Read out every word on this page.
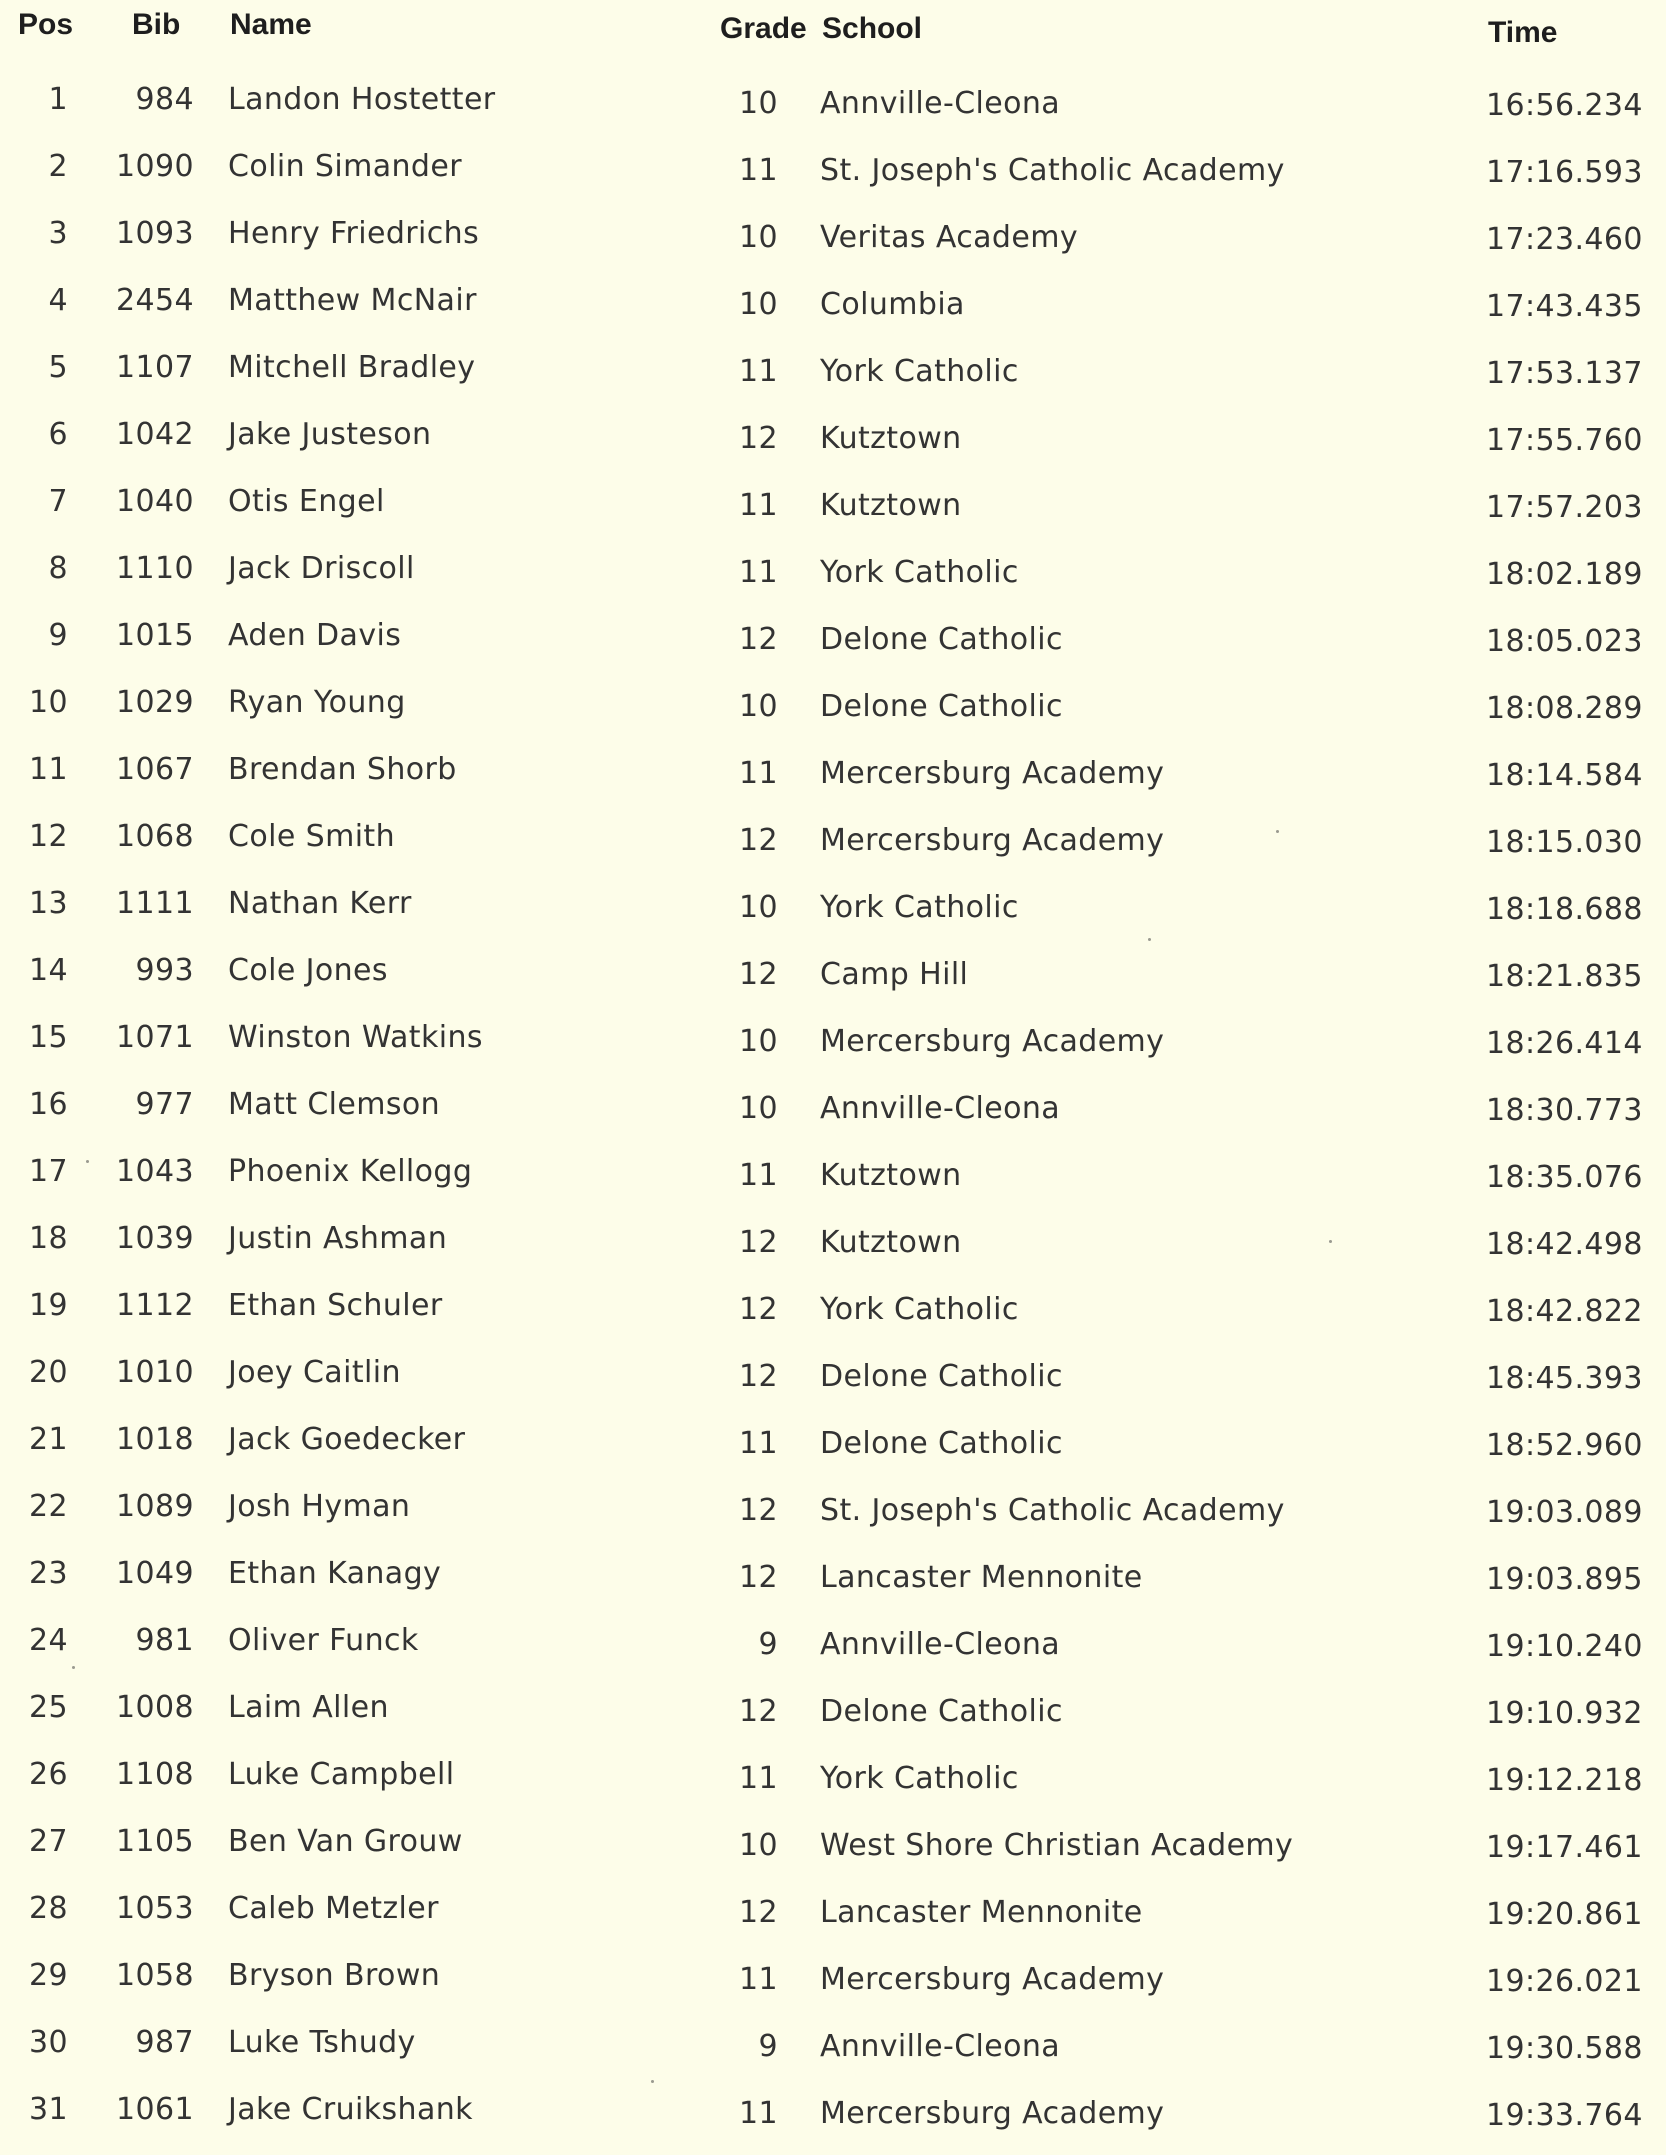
Pos Bib Name	Grade School	Time
1 984 Landon Hostetter	10 Annville-Cleona	16:56.234
2 1090 Colin Simander	11 St. Joseph's Catholic Academy	17:16.593
3 1093 Henry Friedrichs	10 Veritas Academy	17:23.460
4 2454 Matthew McNair	10 Columbia	17:43.435
5 1107 Mitchell Bradley	11 York Catholic	17:53.137
6 1042 Jake Justeson	12 Kutztown	17:55.760
7 1040 Otis Engel	11 Kutztown	17:57.203
8 1110 Jack Driscoll	11 York Catholic	18:02.189
9 1015 Aden Davis	12 Delone Catholic	18:05.023
10 1029 Ryan Young	10 Delone Catholic	18:08.289
11 1067 Brendan Shorb	11 Mercersburg Academy	18:14.584
12 1068 Cole Smith	12 Mercersburg Academy	18:15.030
13 1111 Nathan Kerr	10 York Catholic	18:18.688
14 993 Cole Jones	12 Camp Hill	18:21.835
15 1071 Winston Watkins	10 Mercersburg Academy	18:26.414
16 977 Matt Clemson	10 Annville-Cleona	18:30.773
17 1043 Phoenix Kellogg	11 Kutztown	18:35.076
18 1039 Justin Ashman	12 Kutztown	18:42.498
19 1112 Ethan Schuler	12 York Catholic	18:42.822
20 1010 Joey Caitlin	12 Delone Catholic	18:45.393
21 1018 Jack Goedecker	11 Delone Catholic	18:52.960
22 1089 Josh Hyman	12 St. Joseph's Catholic Academy	19:03.089
23 1049 Ethan Kanagy	12 Lancaster Mennonite	19:03.895
24 981 Oliver Funck	9 Annville-Cleona	19:10.240
25 1008 Laim Allen	12 Delone Catholic	19:10.932
26 1108 Luke Campbell	11 York Catholic	19:12.218
27 1105 Ben Van Grouw	10 West Shore Christian Academy	19:17.461
28 1053 Caleb Metzler	12 Lancaster Mennonite	19:20.861
29 1058 Bryson Brown	11 Mercersburg Academy	19:26.021
30 987 Luke Tshudy	9 Annville-Cleona	19:30.588
31 1061 Jake Cruikshank	11 Mercersburg Academy	19:33.764
